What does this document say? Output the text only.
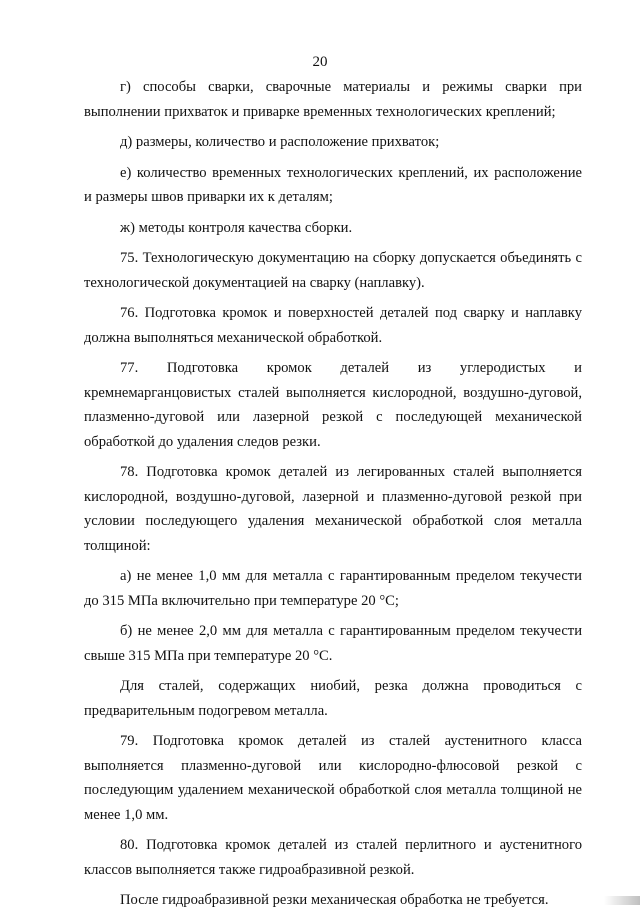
20

г) способы сварки, сварочные материалы и режимы сварки при выполнении прихваток и приварке временных технологических креплений;

д) размеры, количество и расположение прихваток;

е) количество временных технологических креплений, их расположение и размеры швов приварки их к деталям;

ж) методы контроля качества сборки.

75. Технологическую документацию на сборку допускается объединять с технологической документацией на сварку (наплавку).

76. Подготовка кромок и поверхностей деталей под сварку и наплавку должна выполняться механической обработкой.

77. Подготовка кромок деталей из углеродистых и кремнемарганцовистых сталей выполняется кислородной, воздушно-дуговой, плазменно-дуговой или лазерной резкой с последующей механической обработкой до удаления следов резки.

78. Подготовка кромок деталей из легированных сталей выполняется кислородной, воздушно-дуговой, лазерной и плазменно-дуговой резкой при условии последующего удаления механической обработкой слоя металла толщиной:

а) не менее 1,0 мм для металла с гарантированным пределом текучести до 315 МПа включительно при температуре 20 °С;

б) не менее 2,0 мм для металла с гарантированным пределом текучести свыше 315 МПа при температуре 20 °С.

Для сталей, содержащих ниобий, резка должна проводиться с предварительным подогревом металла.

79. Подготовка кромок деталей из сталей аустенитного класса выполняется плазменно-дуговой или кислородно-флюсовой резкой с последующим удалением механической обработкой слоя металла толщиной не менее 1,0 мм.

80. Подготовка кромок деталей из сталей перлитного и аустенитного классов выполняется также гидроабразивной резкой.

После гидроабразивной резки механическая обработка не требуется.
